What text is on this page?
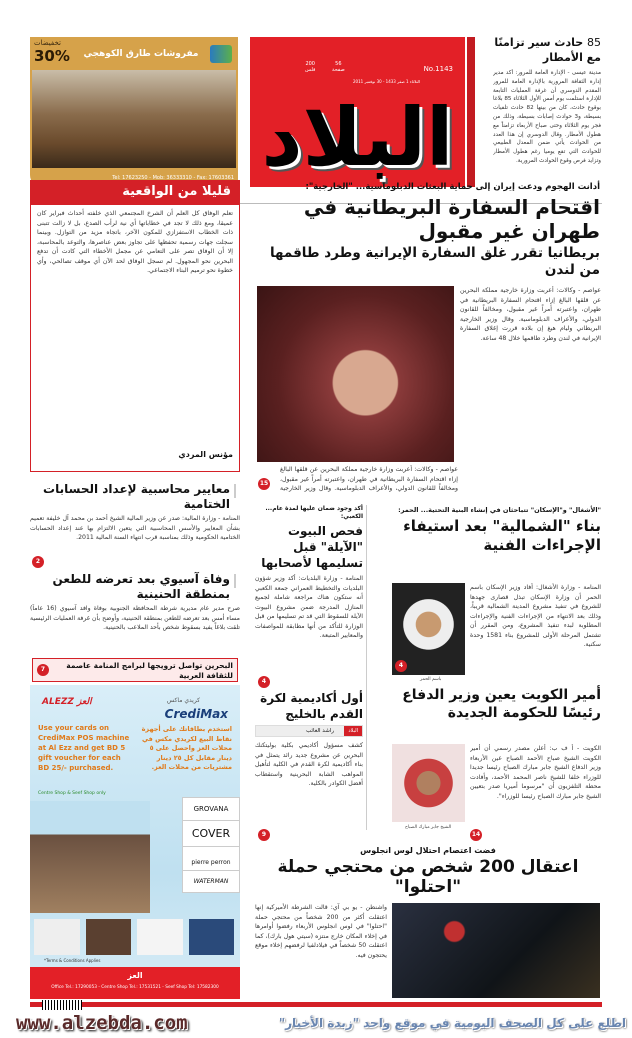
85 حادث سير تزامنًا مع الأمطار
مدينة عيسى - الإدارة العامة للمرور: أكد مدير إدارة الثقافة المرورية بالإدارة العامة للمرور المقدم الدوسري أن غرفة العمليات التابعة للإدارة استلمت يوم أمس الأول الثلاثاء 85 بلاغا بوقوع حادث، كان من بينها 82 حادث تلفيات بسيطة، و3 حوادث إصابات بسيطة، وذلك من فجر يوم الثلاثاء وحتى صباح الأربعاء تزامناً مع هطول الأمطار. وقال الدوسري إن هذا العدد من الحوادث يأتي ضمن المعدل الطبيعي للحوادث التي تقع يوميا رغم هطول الأمطار وتزايد فرص وقوع الحوادث المرورية.
No.1143
الثلاثاء 1 صفر 1433 - 30 نوفمبر 2011
200
فلس
56
صفحة
البلاد
تخفيضات
30%	مفروشات طارق الكوهجي
Tel: 17623250 - Mob: 36333310 - Fax: 17603361
أدانت الهجوم ودعت إيران إلى حماية البعثات الدبلوماسية... "الخارجية":
اقتحام السفارة البريطانية في طهران غير مقبول
بريطانيا تقرر غلق السفارة الإيرانية وطرد طاقمها من لندن
عواصم - وكالات: أعربت وزارة خارجية مملكة البحرين عن قلقها البالغ إزاء اقتحام السفارة البريطانية في طهران، واعتبرته أمراً غير مقبول، ومخالفاً للقانون الدولي، والأعراف الدبلوماسية. وقال وزير الخارجية البريطاني وليام هيغ إن بلاده قررت إغلاق السفارة الإيرانية في لندن وطرد طاقمها خلال 48 ساعة.
عواصم - وكالات: أعربت وزارة خارجية مملكة البحرين عن قلقها البالغ إزاء اقتحام السفارة البريطانية في طهران، واعتبرته أمراً غير مقبول، ومخالفاً للقانون الدولي، والأعراف الدبلوماسية. وقال وزير الخارجية
15
قليلا من الواقعية
تعلم الوفاق كل العلم أن الشرخ المجتمعي الذي خلفته أحداث فبراير كان عميقا، ومع ذلك لا تجد في خطاباتها أي نية لرأب الصدع، بل لا زالت تتبنى ذات الخطاب الاستفزازي للمكون الآخر، باتجاه مزيد من التوازل. وبينما سجلت جهات رسمية تحفظها على تجاوز بعض عناصرها، والتوعد بالمحاسبة، إلا أن الوفاق تصر على التعامي عن مجمل الأخطاء التي كادت أن تدفع البحرين نحو المجهول. لم تسجل الوفاق لحد الآن أي موقف تصالحي، وأي خطوة نحو ترميم البناء الاجتماعي.
مؤنس المردي
معايير محاسبية لإعداد الحسابات الختامية
المنامة - وزارة المالية: صدر عن وزير المالية الشيخ أحمد بن محمد آل خليفة تعميم بشأن المعايير والأسس المحاسبية التي يتعين الالتزام بها عند إعداد الحسابات الختامية الحكومية وذلك بمناسبة قرب انتهاء السنة المالية 2011.
2
وفاة آسيوي بعد تعرضه للطعن بمنطقة الحنينية
صرح مدير عام مديرية شرطة المحافظة الجنوبية بوفاة وافد آسيوي (16 عاماً) مساء أمس بعد تعرضه للطعن بمنطقة الحنينية، وأوضح بأن غرفة العمليات الرئيسية تلقت بلاغاً يفيد بسقوط شخص بأحد الملاعب بالحنينية.
7	البحرين تواصل ترويجها لبرامج المنامة عاصمة للثقافة العربية
ALEZZ العز	كريدي ماكس
CrediMax
Use your cards on CrediMax POS machine at Al Ezz and get BD 5 gift voucher for each BD 25/- purchased.
استخدم بطاقاتك على أجهزة نقاط البيع لكريدي مكس في محلات العز واحصل على ٥ دينار مقابل كل ٢٥ دينار مشتريات من محلات العز.
Centre Shop & Seef Shop only
GROVANA
COVER
pierre perron
WATERMAN
*Terms & Conditions Applies
العز
Office Tel.: 17290053 - Centre Shop Tel.: 17531521 - Seef Shop Tel: 17582300
أكد وجود ضمان عليها لمدة عام... الكعبي:
فحص البيوت "الآيلة" قبل تسليمها لأصحابها
المنامة - وزارة البلديات: أكد وزير شؤون البلديات والتخطيط العمراني جمعة الكعبي أنه ستكون هناك مراجعة شاملة لجميع المنازل المدرجة ضمن مشروع البيوت الآيلة للسقوط التي قد تم تسليمها من قبل الوزارة للتأكد من أنها مطابقة للمواصفات والمعايير المتبعة.
4
"الأشغال" و"الإسكان" تتباحثان في إنشاء البنية التحتية... الحمر:
بناء "الشمالية" بعد استيفاء الإجراءات الفنية
باسم الحمر
المنامة - وزارة الأشغال: أفاد وزير الإسكان باسم الحمر أن وزارة الإسكان تبذل قصارى جهدها للشروع في تنفيذ مشروع المدينة الشمالية قريباً، وذلك بعد الانتهاء من الإجراءات الفنية والإجراءات المطلوبة لبدء تنفيذ المشروع، ومن المقرر أن تشتمل المرحلة الأولى للمشروع بناء 1581 وحدة سكنية.
4
أول أكاديمية لكرة القدم بالخليج
البلاد
راشد الغائب
كشف مسؤول أكاديمي بكلية بوليتكنك البحرين عن مشروع جديد رائد يتمثل في بناء أكاديمية لكرة القدم في الكلية لتأهيل المواهب الشابة البحرينية واستقطاب أفضل الكوادر بالكلية.
9
أمير الكويت يعين وزير الدفاع رئيسًا للحكومة الجديدة
الشيخ جابر مبارك الصباح
الكويت - أ ف ب: أعلن مصدر رسمي أن أمير الكويت الشيخ صباح الأحمد الصباح عين الأربعاء وزير الدفاع الشيخ جابر مبارك الصباح رئيسا جديدا للوزراء خلفا للشيخ ناصر المحمد الأحمد، وأفادت محطة التلفزيون أن "مرسوما أميريا صدر بتعيين الشيخ جابر مبارك الصباح رئيسا للوزراء".
14
فضت اعتصام احتلال لوس انجلوس
اعتقال 200 شخص من محتجي حملة "احتلوا"
واشنطن - يو بي آي: قالت الشرطة الأميركية إنها اعتقلت أكثر من 200 شخصاً من محتجي حملة "احتلوا" في لوس انجلوس الأربعاء رفضوا أوامرها في إخلاء المكان خارج منتزه (سيتي هول بارك)، كما اعتقلت 50 شخصاً في فيلادلفيا لرفضهم إخلاء موقع يحتجون فيه.
www.alzebda.com	اطلع على كل الصحف اليومية في موقع واحد "زبدة الأخبار"
